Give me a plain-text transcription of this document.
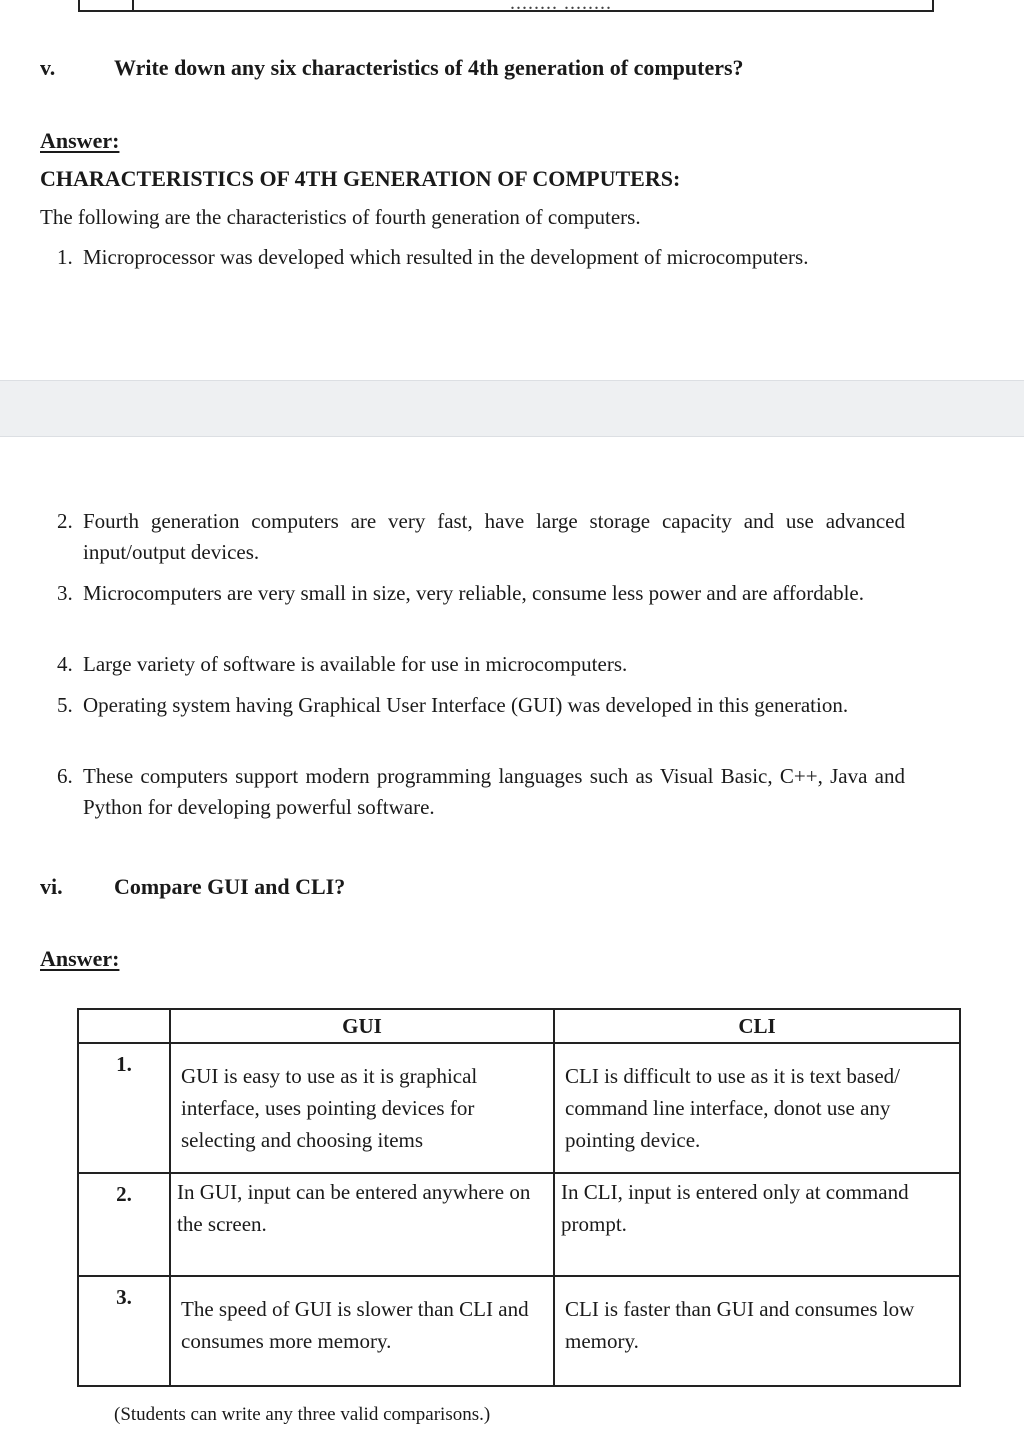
........ ........
v.	Write down any six characteristics of 4th generation of computers?
Answer:
CHARACTERISTICS OF 4TH GENERATION OF COMPUTERS:
The following are the characteristics of fourth generation of computers.
1. Microprocessor was developed which resulted in the development of microcomputers.
2. Fourth generation computers are very fast, have large storage capacity and use advanced input/output devices.
3. Microcomputers are very small in size, very reliable, consume less power and are affordable.
4. Large variety of software is available for use in microcomputers.
5. Operating system having Graphical User Interface (GUI) was developed in this generation.
6. These computers support modern programming languages such as Visual Basic, C++, Java and Python for developing powerful software.
vi. Compare GUI and CLI?
Answer:
	GUI	CLI
1.	GUI is easy to use as it is graphical interface, uses pointing devices for selecting and choosing items	CLI is difficult to use as it is text based/ command line interface, donot use any pointing device.
2.	In GUI, input can be entered anywhere on the screen.	In CLI, input is entered only at command prompt.
3.	The speed of GUI is slower than CLI and consumes more memory.	CLI is faster than GUI and consumes low memory.
(Students can write any three valid comparisons.)
